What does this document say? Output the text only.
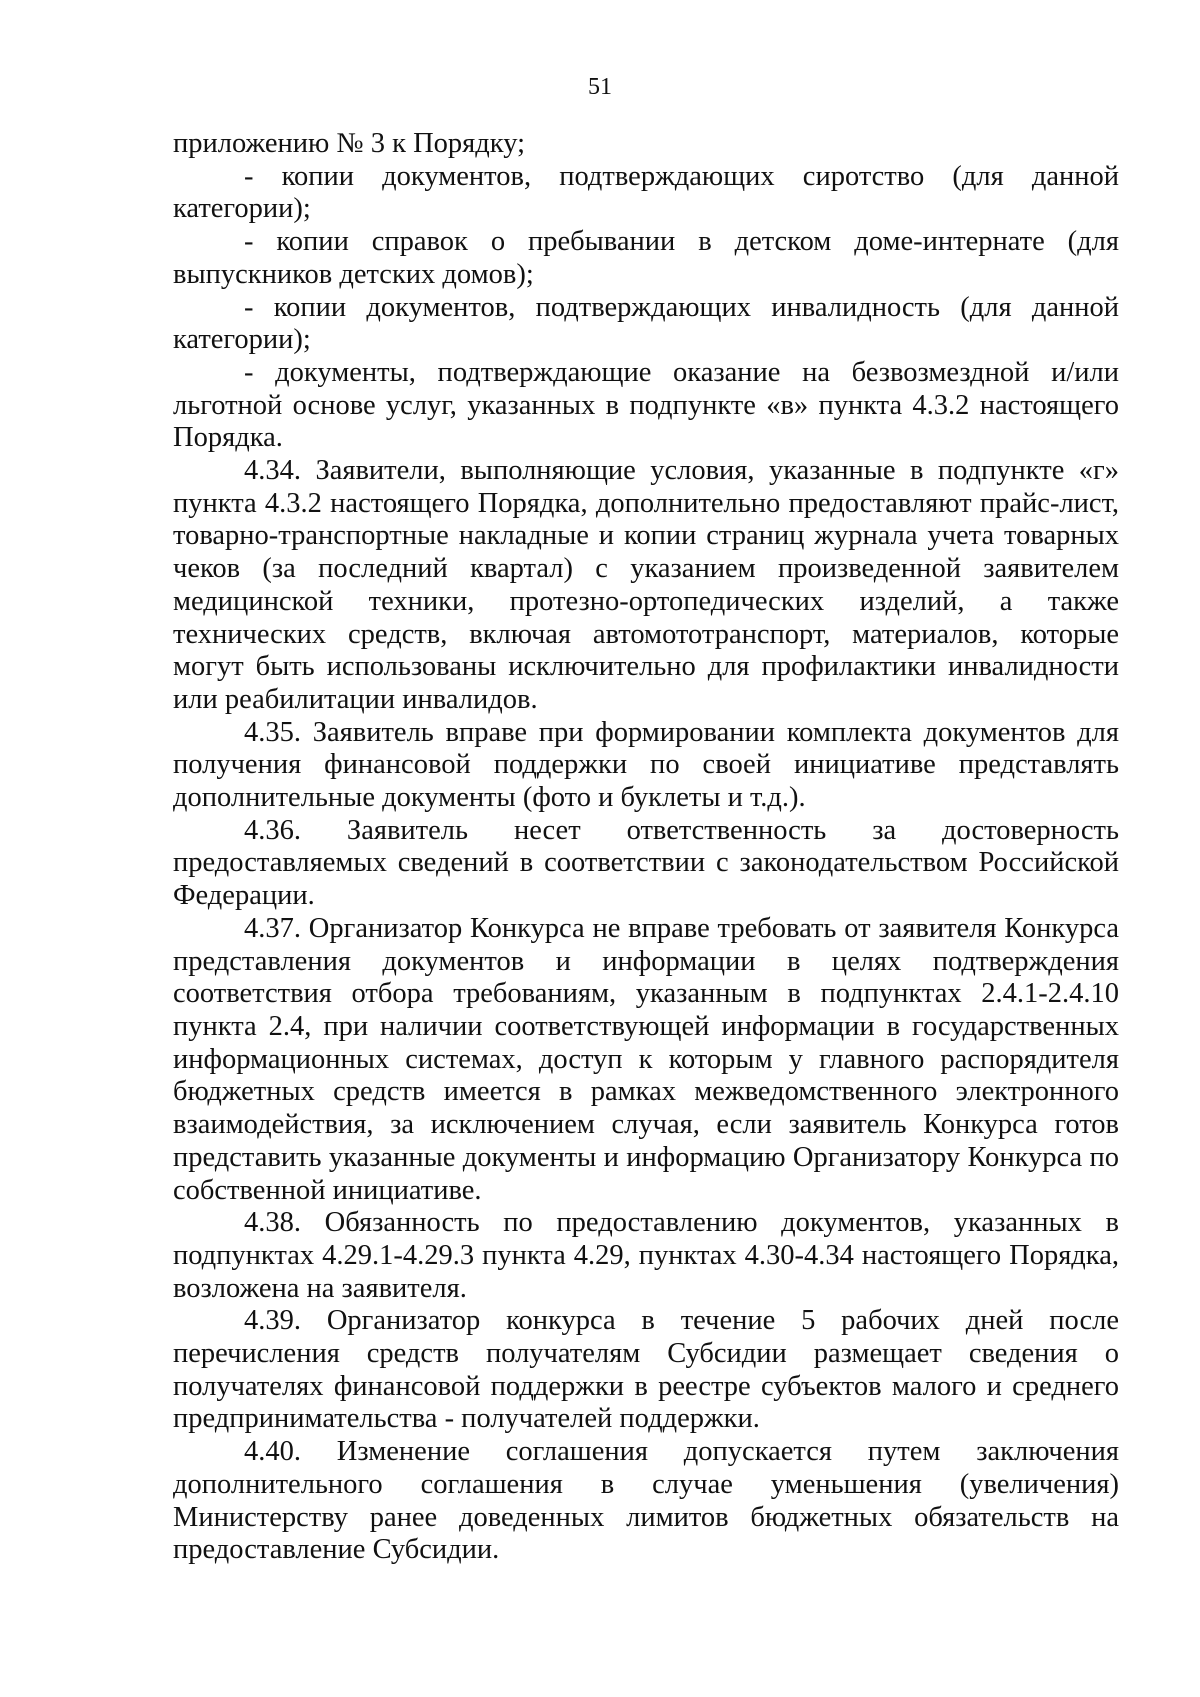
51

приложению № 3 к Порядку;

- копии документов, подтверждающих сиротство (для данной категории);

- копии справок о пребывании в детском доме-интернате (для выпускников детских домов);

- копии документов, подтверждающих инвалидность (для данной категории);

- документы, подтверждающие оказание на безвозмездной и/или льготной основе услуг, указанных в подпункте «в» пункта 4.3.2 настоящего Порядка.

4.34. Заявители, выполняющие условия, указанные в подпункте «г» пункта 4.3.2 настоящего Порядка, дополнительно предоставляют прайс-лист, товарно-транспортные накладные и копии страниц журнала учета товарных чеков (за последний квартал) с указанием произведенной заявителем медицинской техники, протезно-ортопедических изделий, а также технических средств, включая автомототранспорт, материалов, которые могут быть использованы исключительно для профилактики инвалидности или реабилитации инвалидов.

4.35. Заявитель вправе при формировании комплекта документов для получения финансовой поддержки по своей инициативе представлять дополнительные документы (фото и буклеты и т.д.).

4.36. Заявитель несет ответственность за достоверность предоставляемых сведений в соответствии с законодательством Российской Федерации.

4.37. Организатор Конкурса не вправе требовать от заявителя Конкурса представления документов и информации в целях подтверждения соответствия отбора требованиям, указанным в подпунктах 2.4.1-2.4.10 пункта 2.4, при наличии соответствующей информации в государственных информационных системах, доступ к которым у главного распорядителя бюджетных средств имеется в рамках межведомственного электронного взаимодействия, за исключением случая, если заявитель Конкурса готов представить указанные документы и информацию Организатору Конкурса по собственной инициативе.

4.38. Обязанность по предоставлению документов, указанных в подпунктах 4.29.1-4.29.3 пункта 4.29, пунктах 4.30-4.34 настоящего Порядка, возложена на заявителя.

4.39. Организатор конкурса в течение 5 рабочих дней после перечисления средств получателям Субсидии размещает сведения о получателях финансовой поддержки в реестре субъектов малого и среднего предпринимательства - получателей поддержки.

4.40. Изменение соглашения допускается путем заключения дополнительного соглашения в случае уменьшения (увеличения) Министерству ранее доведенных лимитов бюджетных обязательств на предоставление Субсидии.
